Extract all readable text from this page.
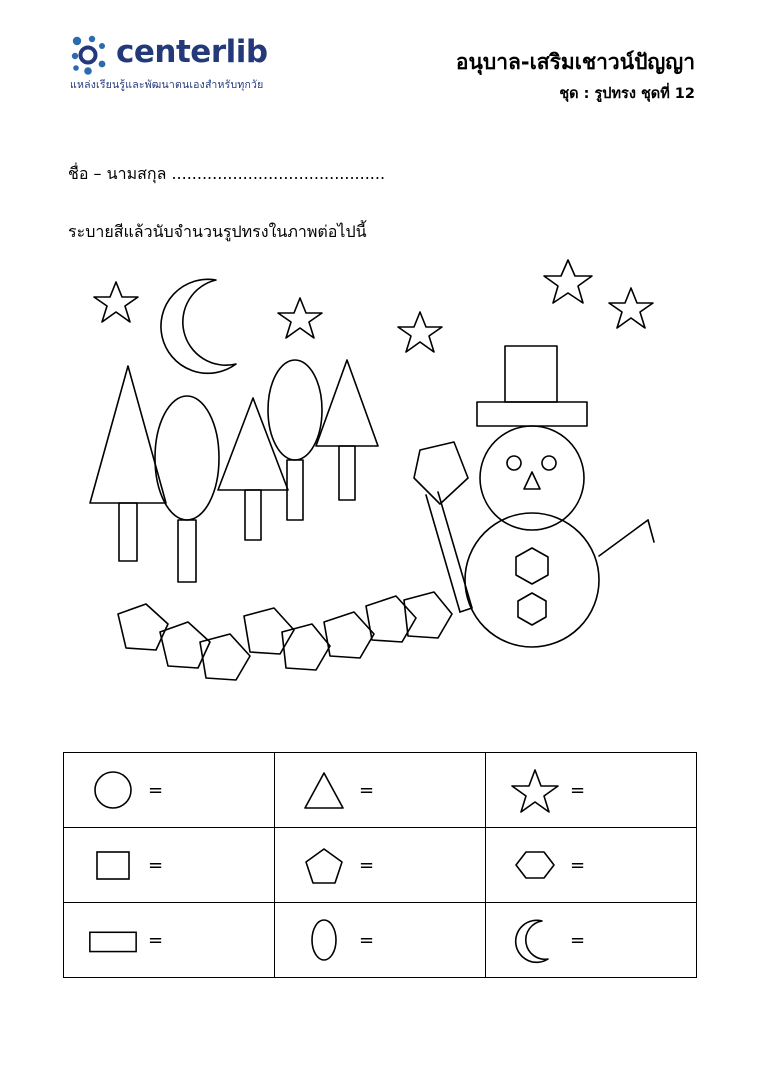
centerlib
แหล่งเรียนรู้และพัฒนาตนเองสำหรับทุกวัย
อนุบาล-เสริมเชาวน์ปัญญา
ชุด : รูปทรง ชุดที่ 12
ชื่อ – นามสกุล ..........................................
ระบายสีแล้วนับจำนวนรูปทรงในภาพต่อไปนี้
=	=	=

=	=	=

=	=	=
